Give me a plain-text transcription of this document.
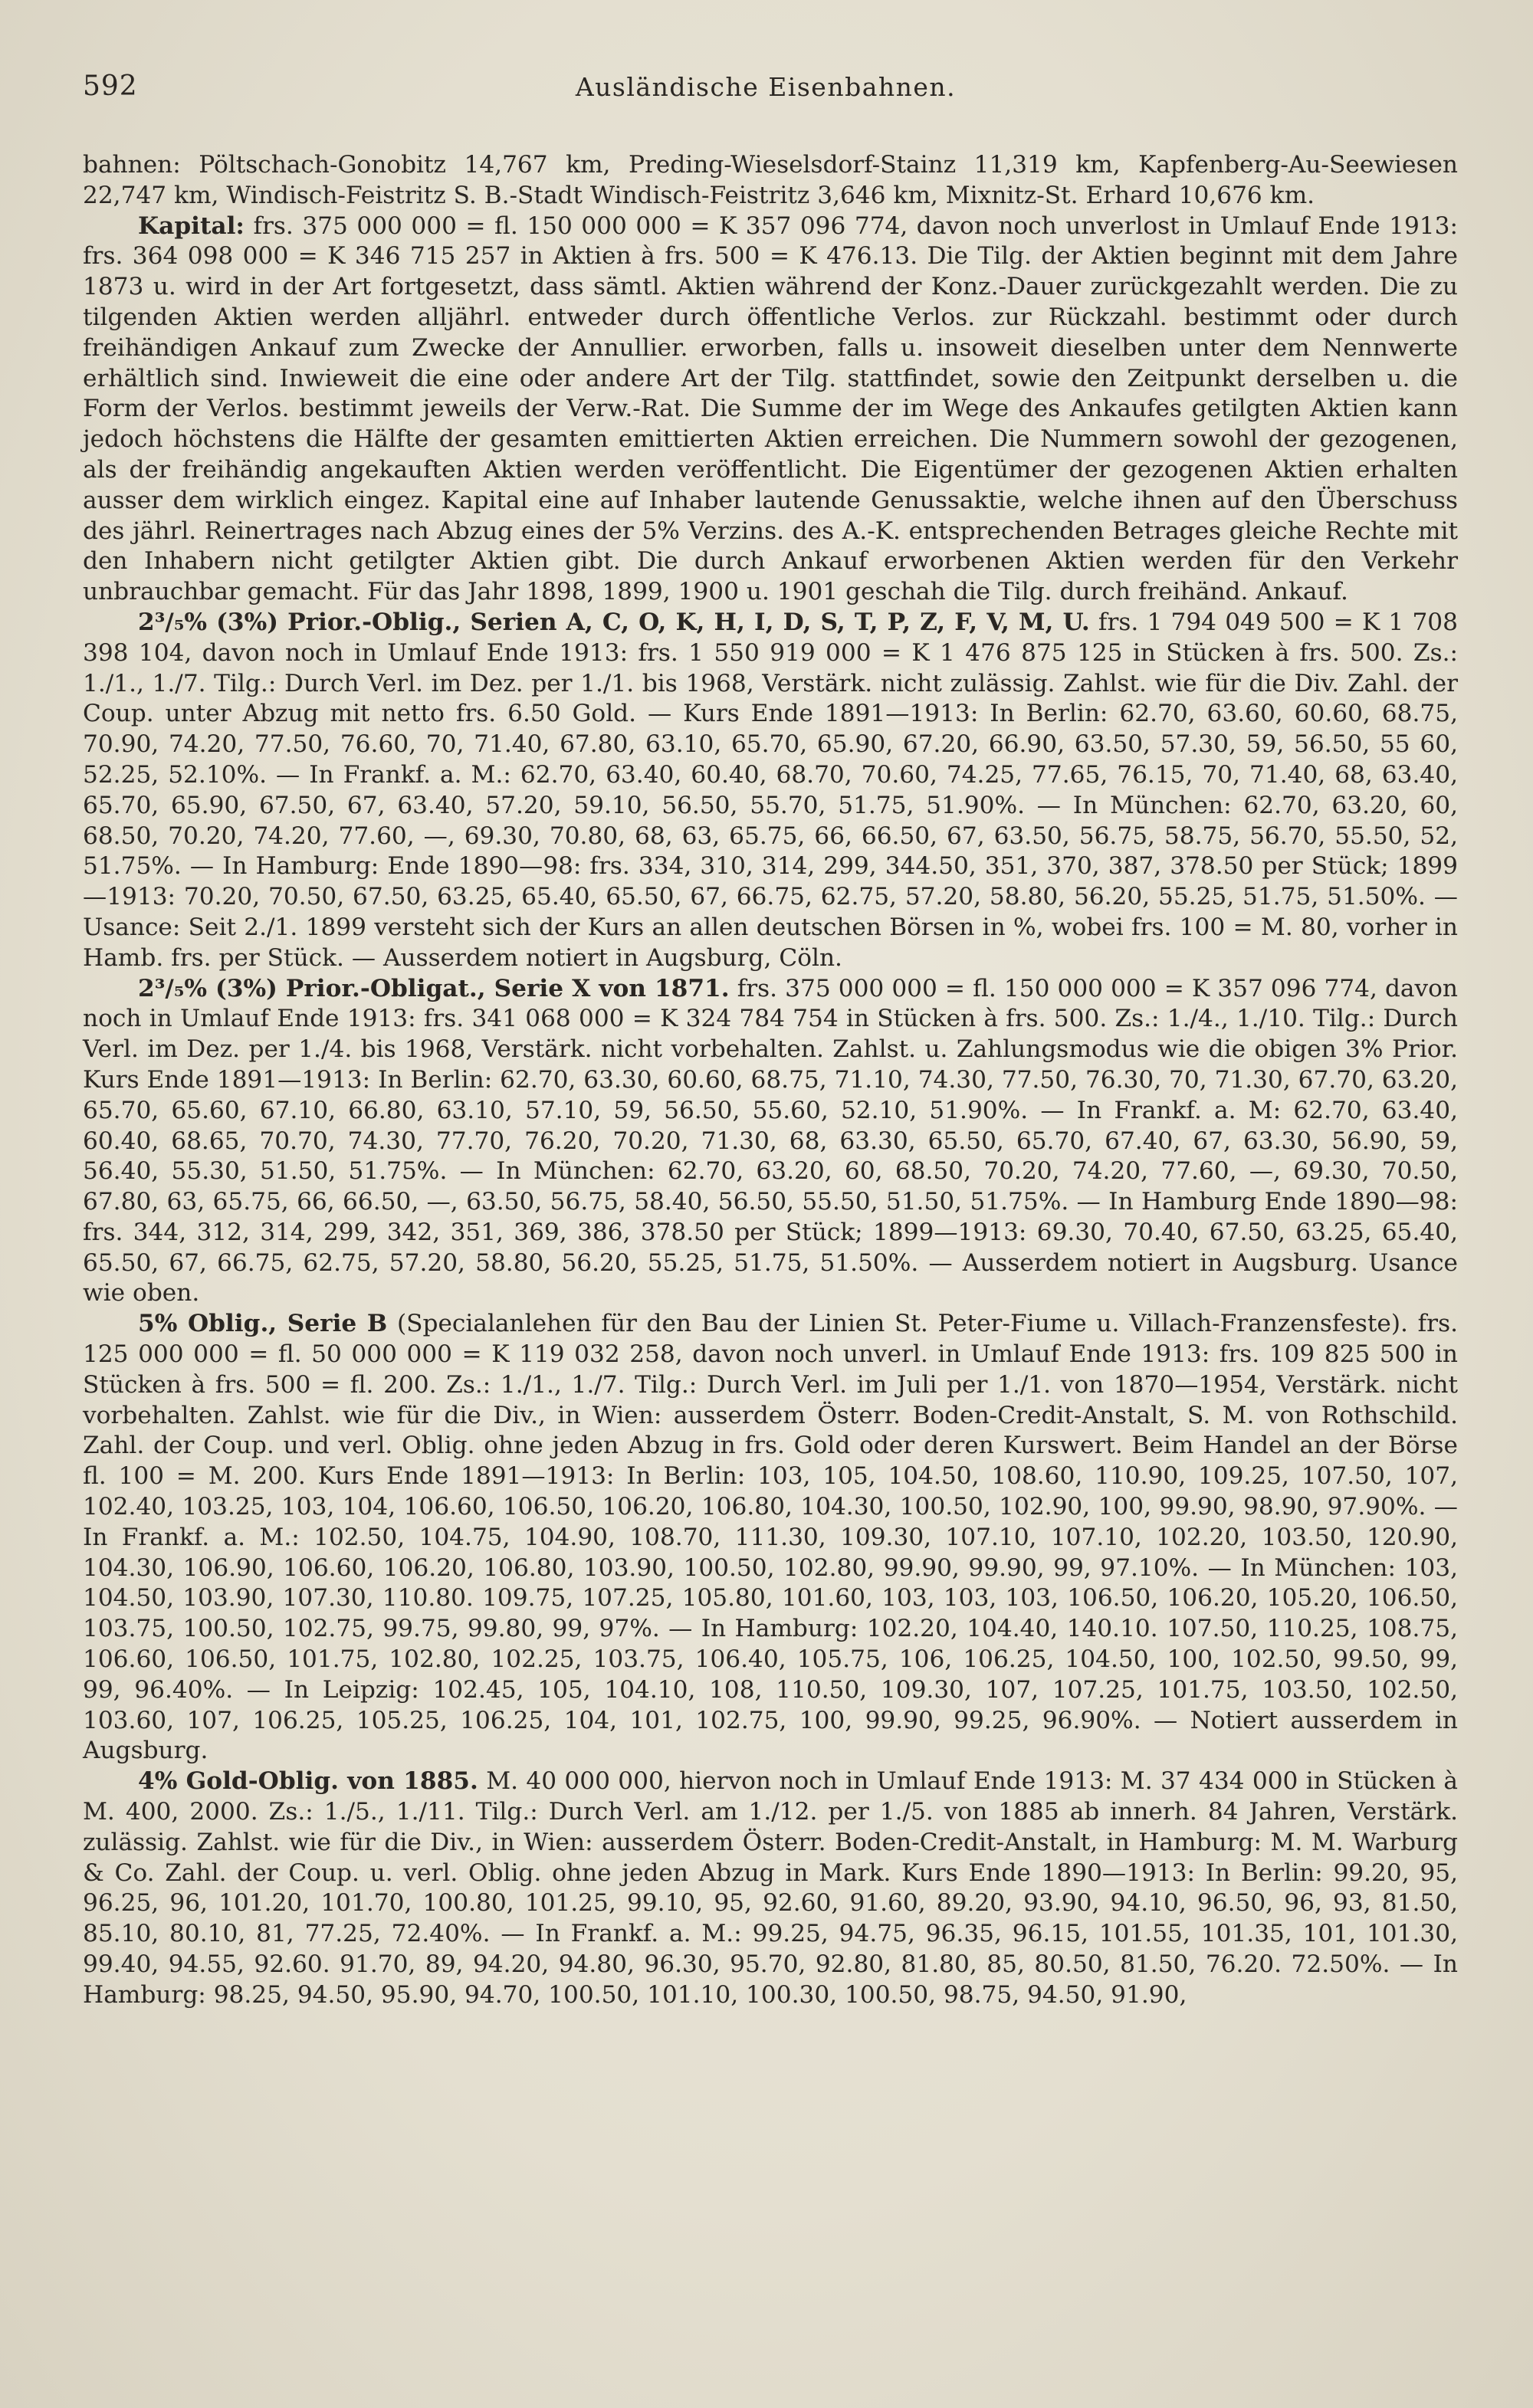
592	Ausländische Eisenbahnen.

bahnen: Pöltschach-Gonobitz 14,767 km, Preding-Wieselsdorf-Stainz 11,319 km, Kapfenberg-Au-Seewiesen 22,747 km, Windisch-Feistritz S. B.-Stadt Windisch-Feistritz 3,646 km, Mixnitz-St. Erhard 10,676 km.

Kapital: frs. 375 000 000 = fl. 150 000 000 = K 357 096 774, davon noch unverlost in Umlauf Ende 1913: frs. 364 098 000 = K 346 715 257 in Aktien à frs. 500 = K 476.13. Die Tilg. der Aktien beginnt mit dem Jahre 1873 u. wird in der Art fortgesetzt, dass sämtl. Aktien während der Konz.-Dauer zurückgezahlt werden. Die zu tilgenden Aktien werden alljährl. entweder durch öffentliche Verlos. zur Rückzahl. bestimmt oder durch freihändigen Ankauf zum Zwecke der Annullier. erworben, falls u. insoweit dieselben unter dem Nennwerte erhältlich sind. Inwieweit die eine oder andere Art der Tilg. stattfindet, sowie den Zeitpunkt derselben u. die Form der Verlos. bestimmt jeweils der Verw.-Rat. Die Summe der im Wege des Ankaufes getilgten Aktien kann jedoch höchstens die Hälfte der gesamten emittierten Aktien erreichen. Die Nummern sowohl der gezogenen, als der freihändig angekauften Aktien werden veröffentlicht. Die Eigentümer der gezogenen Aktien erhalten ausser dem wirklich eingez. Kapital eine auf Inhaber lautende Genussaktie, welche ihnen auf den Überschuss des jährl. Reinertrages nach Abzug eines der 5% Verzins. des A.-K. entsprechenden Betrages gleiche Rechte mit den Inhabern nicht getilgter Aktien gibt. Die durch Ankauf erworbenen Aktien werden für den Verkehr unbrauchbar gemacht. Für das Jahr 1898, 1899, 1900 u. 1901 geschah die Tilg. durch freihänd. Ankauf.

2³/₅% (3%) Prior.-Oblig., Serien A, C, O, K, H, I, D, S, T, P, Z, F, V, M, U. frs. 1 794 049 500 = K 1 708 398 104, davon noch in Umlauf Ende 1913: frs. 1 550 919 000 = K 1 476 875 125 in Stücken à frs. 500. Zs.: 1./1., 1./7. Tilg.: Durch Verl. im Dez. per 1./1. bis 1968, Verstärk. nicht zulässig. Zahlst. wie für die Div. Zahl. der Coup. unter Abzug mit netto frs. 6.50 Gold. — Kurs Ende 1891—1913: In Berlin: 62.70, 63.60, 60.60, 68.75, 70.90, 74.20, 77.50, 76.60, 70, 71.40, 67.80, 63.10, 65.70, 65.90, 67.20, 66.90, 63.50, 57.30, 59, 56.50, 55 60, 52.25, 52.10%. — In Frankf. a. M.: 62.70, 63.40, 60.40, 68.70, 70.60, 74.25, 77.65, 76.15, 70, 71.40, 68, 63.40, 65.70, 65.90, 67.50, 67, 63.40, 57.20, 59.10, 56.50, 55.70, 51.75, 51.90%. — In München: 62.70, 63.20, 60, 68.50, 70.20, 74.20, 77.60, —, 69.30, 70.80, 68, 63, 65.75, 66, 66.50, 67, 63.50, 56.75, 58.75, 56.70, 55.50, 52, 51.75%. — In Hamburg: Ende 1890—98: frs. 334, 310, 314, 299, 344.50, 351, 370, 387, 378.50 per Stück; 1899—1913: 70.20, 70.50, 67.50, 63.25, 65.40, 65.50, 67, 66.75, 62.75, 57.20, 58.80, 56.20, 55.25, 51.75, 51.50%. — Usance: Seit 2./1. 1899 versteht sich der Kurs an allen deutschen Börsen in %, wobei frs. 100 = M. 80, vorher in Hamb. frs. per Stück. — Ausserdem notiert in Augsburg, Cöln.

2³/₅% (3%) Prior.-Obligat., Serie X von 1871. frs. 375 000 000 = fl. 150 000 000 = K 357 096 774, davon noch in Umlauf Ende 1913: frs. 341 068 000 = K 324 784 754 in Stücken à frs. 500. Zs.: 1./4., 1./10. Tilg.: Durch Verl. im Dez. per 1./4. bis 1968, Verstärk. nicht vorbehalten. Zahlst. u. Zahlungsmodus wie die obigen 3% Prior. Kurs Ende 1891—1913: In Berlin: 62.70, 63.30, 60.60, 68.75, 71.10, 74.30, 77.50, 76.30, 70, 71.30, 67.70, 63.20, 65.70, 65.60, 67.10, 66.80, 63.10, 57.10, 59, 56.50, 55.60, 52.10, 51.90%. — In Frankf. a. M: 62.70, 63.40, 60.40, 68.65, 70.70, 74.30, 77.70, 76.20, 70.20, 71.30, 68, 63.30, 65.50, 65.70, 67.40, 67, 63.30, 56.90, 59, 56.40, 55.30, 51.50, 51.75%. — In München: 62.70, 63.20, 60, 68.50, 70.20, 74.20, 77.60, —, 69.30, 70.50, 67.80, 63, 65.75, 66, 66.50, —, 63.50, 56.75, 58.40, 56.50, 55.50, 51.50, 51.75%. — In Hamburg Ende 1890—98: frs. 344, 312, 314, 299, 342, 351, 369, 386, 378.50 per Stück; 1899—1913: 69.30, 70.40, 67.50, 63.25, 65.40, 65.50, 67, 66.75, 62.75, 57.20, 58.80, 56.20, 55.25, 51.75, 51.50%. — Ausserdem notiert in Augsburg. Usance wie oben.

5% Oblig., Serie B (Specialanlehen für den Bau der Linien St. Peter-Fiume u. Villach-Franzensfeste). frs. 125 000 000 = fl. 50 000 000 = K 119 032 258, davon noch unverl. in Umlauf Ende 1913: frs. 109 825 500 in Stücken à frs. 500 = fl. 200. Zs.: 1./1., 1./7. Tilg.: Durch Verl. im Juli per 1./1. von 1870—1954, Verstärk. nicht vorbehalten. Zahlst. wie für die Div., in Wien: ausserdem Österr. Boden-Credit-Anstalt, S. M. von Rothschild. Zahl. der Coup. und verl. Oblig. ohne jeden Abzug in frs. Gold oder deren Kurswert. Beim Handel an der Börse fl. 100 = M. 200. Kurs Ende 1891—1913: In Berlin: 103, 105, 104.50, 108.60, 110.90, 109.25, 107.50, 107, 102.40, 103.25, 103, 104, 106.60, 106.50, 106.20, 106.80, 104.30, 100.50, 102.90, 100, 99.90, 98.90, 97.90%. — In Frankf. a. M.: 102.50, 104.75, 104.90, 108.70, 111.30, 109.30, 107.10, 107.10, 102.20, 103.50, 120.90, 104.30, 106.90, 106.60, 106.20, 106.80, 103.90, 100.50, 102.80, 99.90, 99.90, 99, 97.10%. — In München: 103, 104.50, 103.90, 107.30, 110.80. 109.75, 107.25, 105.80, 101.60, 103, 103, 103, 106.50, 106.20, 105.20, 106.50, 103.75, 100.50, 102.75, 99.75, 99.80, 99, 97%. — In Hamburg: 102.20, 104.40, 140.10. 107.50, 110.25, 108.75, 106.60, 106.50, 101.75, 102.80, 102.25, 103.75, 106.40, 105.75, 106, 106.25, 104.50, 100, 102.50, 99.50, 99, 99, 96.40%. — In Leipzig: 102.45, 105, 104.10, 108, 110.50, 109.30, 107, 107.25, 101.75, 103.50, 102.50, 103.60, 107, 106.25, 105.25, 106.25, 104, 101, 102.75, 100, 99.90, 99.25, 96.90%. — Notiert ausserdem in Augsburg.

4% Gold-Oblig. von 1885. M. 40 000 000, hiervon noch in Umlauf Ende 1913: M. 37 434 000 in Stücken à M. 400, 2000. Zs.: 1./5., 1./11. Tilg.: Durch Verl. am 1./12. per 1./5. von 1885 ab innerh. 84 Jahren, Verstärk. zulässig. Zahlst. wie für die Div., in Wien: ausserdem Österr. Boden-Credit-Anstalt, in Hamburg: M. M. Warburg & Co. Zahl. der Coup. u. verl. Oblig. ohne jeden Abzug in Mark. Kurs Ende 1890—1913: In Berlin: 99.20, 95, 96.25, 96, 101.20, 101.70, 100.80, 101.25, 99.10, 95, 92.60, 91.60, 89.20, 93.90, 94.10, 96.50, 96, 93, 81.50, 85.10, 80.10, 81, 77.25, 72.40%. — In Frankf. a. M.: 99.25, 94.75, 96.35, 96.15, 101.55, 101.35, 101, 101.30, 99.40, 94.55, 92.60. 91.70, 89, 94.20, 94.80, 96.30, 95.70, 92.80, 81.80, 85, 80.50, 81.50, 76.20. 72.50%. — In Hamburg: 98.25, 94.50, 95.90, 94.70, 100.50, 101.10, 100.30, 100.50, 98.75, 94.50, 91.90,
